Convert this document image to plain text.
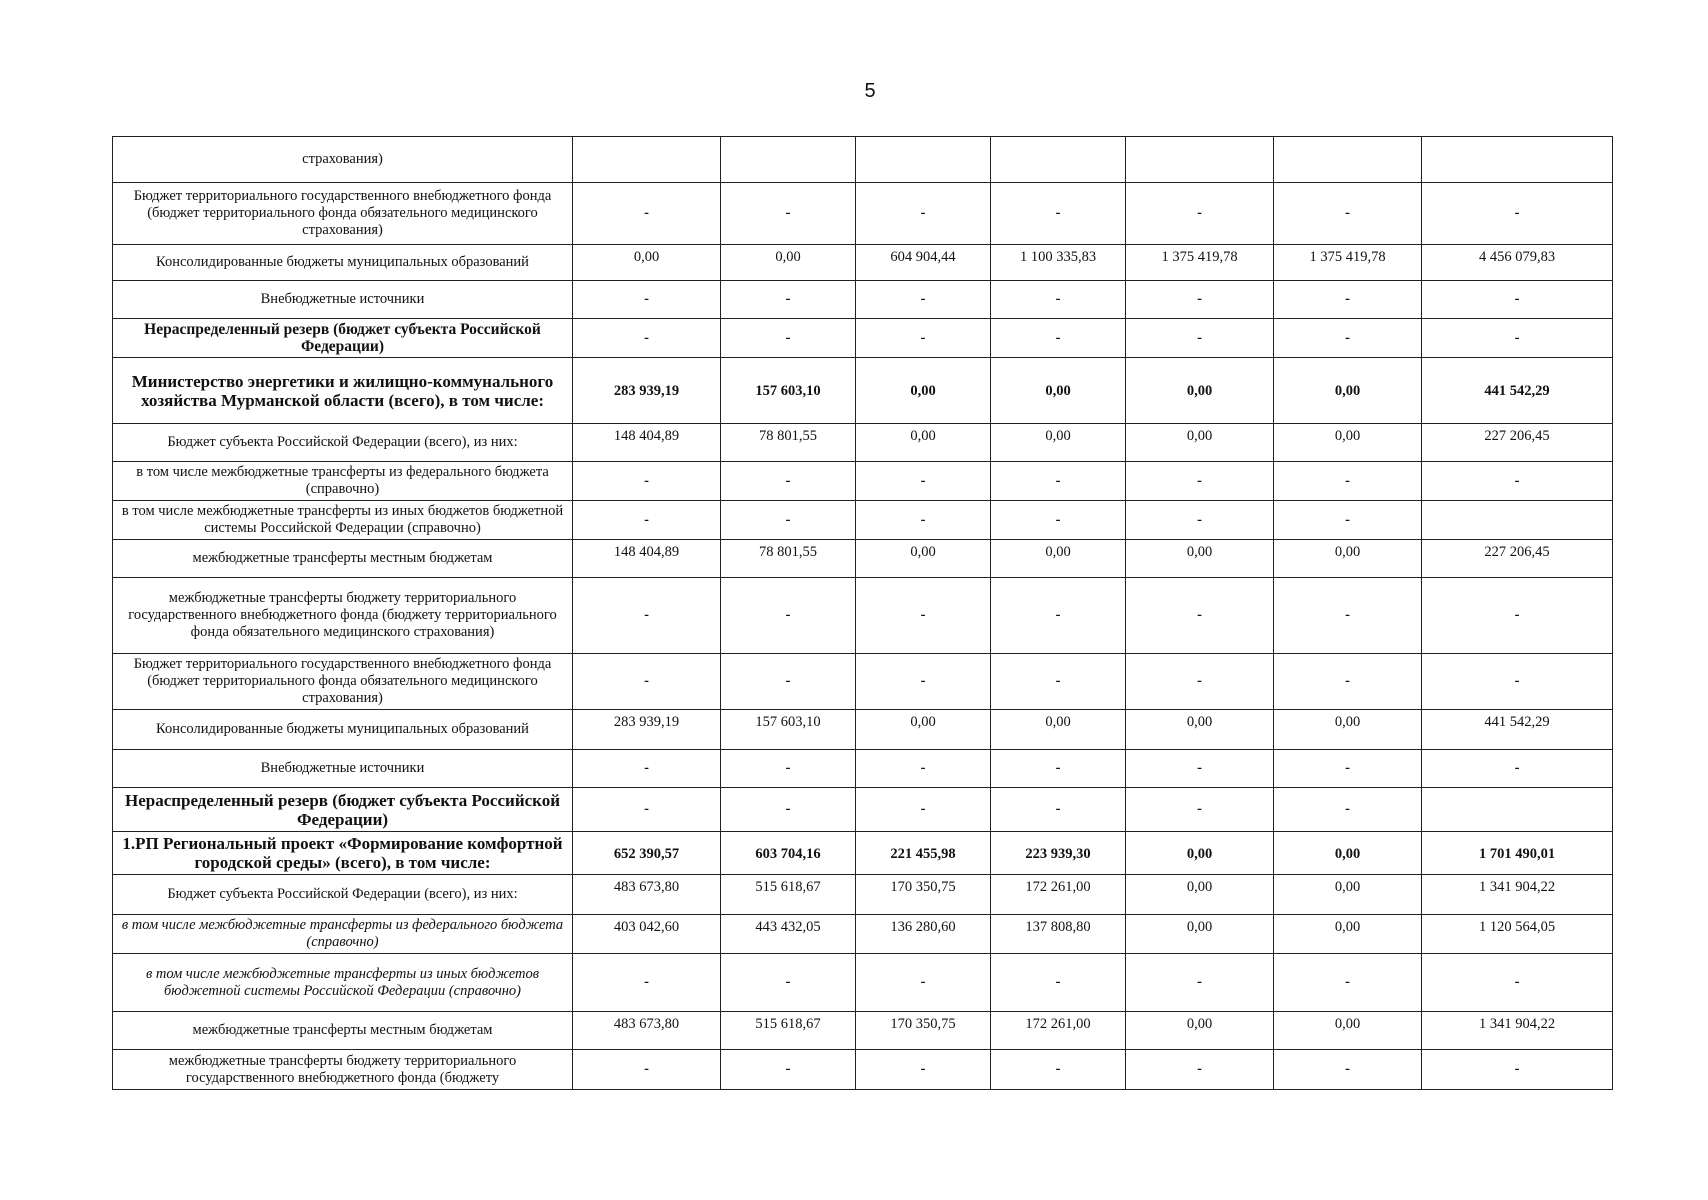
5
страхования)							
Бюджет территориального государственного внебюджетного фонда (бюджет территориального фонда обязательного медицинского страхования)	-	-	-	-	-	-	-
Консолидированные бюджеты муниципальных образований	0,00	0,00	604 904,44	1 100 335,83	1 375 419,78	1 375 419,78	4 456 079,83
Внебюджетные источники	-	-	-	-	-	-	-
Нераспределенный резерв (бюджет субъекта Российской Федерации)	-	-	-	-	-	-	-
Министерство энергетики и жилищно-коммунального хозяйства Мурманской области (всего), в том числе:	283 939,19	157 603,10	0,00	0,00	0,00	0,00	441 542,29
Бюджет субъекта Российской Федерации (всего), из них:	148 404,89	78 801,55	0,00	0,00	0,00	0,00	227 206,45
в том числе межбюджетные трансферты из федерального бюджета (справочно)	-	-	-	-	-	-	-
в том числе межбюджетные трансферты из иных бюджетов бюджетной системы Российской Федерации (справочно)	-	-	-	-	-	-	
межбюджетные трансферты местным бюджетам	148 404,89	78 801,55	0,00	0,00	0,00	0,00	227 206,45
межбюджетные трансферты бюджету территориального государственного внебюджетного фонда (бюджету территориального фонда обязательного медицинского страхования)	-	-	-	-	-	-	-
Бюджет территориального государственного внебюджетного фонда (бюджет территориального фонда обязательного медицинского страхования)	-	-	-	-	-	-	-
Консолидированные бюджеты муниципальных образований	283 939,19	157 603,10	0,00	0,00	0,00	0,00	441 542,29
Внебюджетные источники	-	-	-	-	-	-	-
Нераспределенный резерв (бюджет субъекта Российской Федерации)	-	-	-	-	-	-	
1.РП Региональный проект «Формирование комфортной городской среды» (всего), в том числе:	652 390,57	603 704,16	221 455,98	223 939,30	0,00	0,00	1 701 490,01
Бюджет субъекта Российской Федерации (всего), из них:	483 673,80	515 618,67	170 350,75	172 261,00	0,00	0,00	1 341 904,22
в том числе межбюджетные трансферты из федерального бюджета (справочно)	403 042,60	443 432,05	136 280,60	137 808,80	0,00	0,00	1 120 564,05
в том числе межбюджетные трансферты из иных бюджетов бюджетной системы Российской Федерации (справочно)	-	-	-	-	-	-	-
межбюджетные трансферты местным бюджетам	483 673,80	515 618,67	170 350,75	172 261,00	0,00	0,00	1 341 904,22
межбюджетные трансферты бюджету территориального государственного внебюджетного фонда (бюджету	-	-	-	-	-	-	-
